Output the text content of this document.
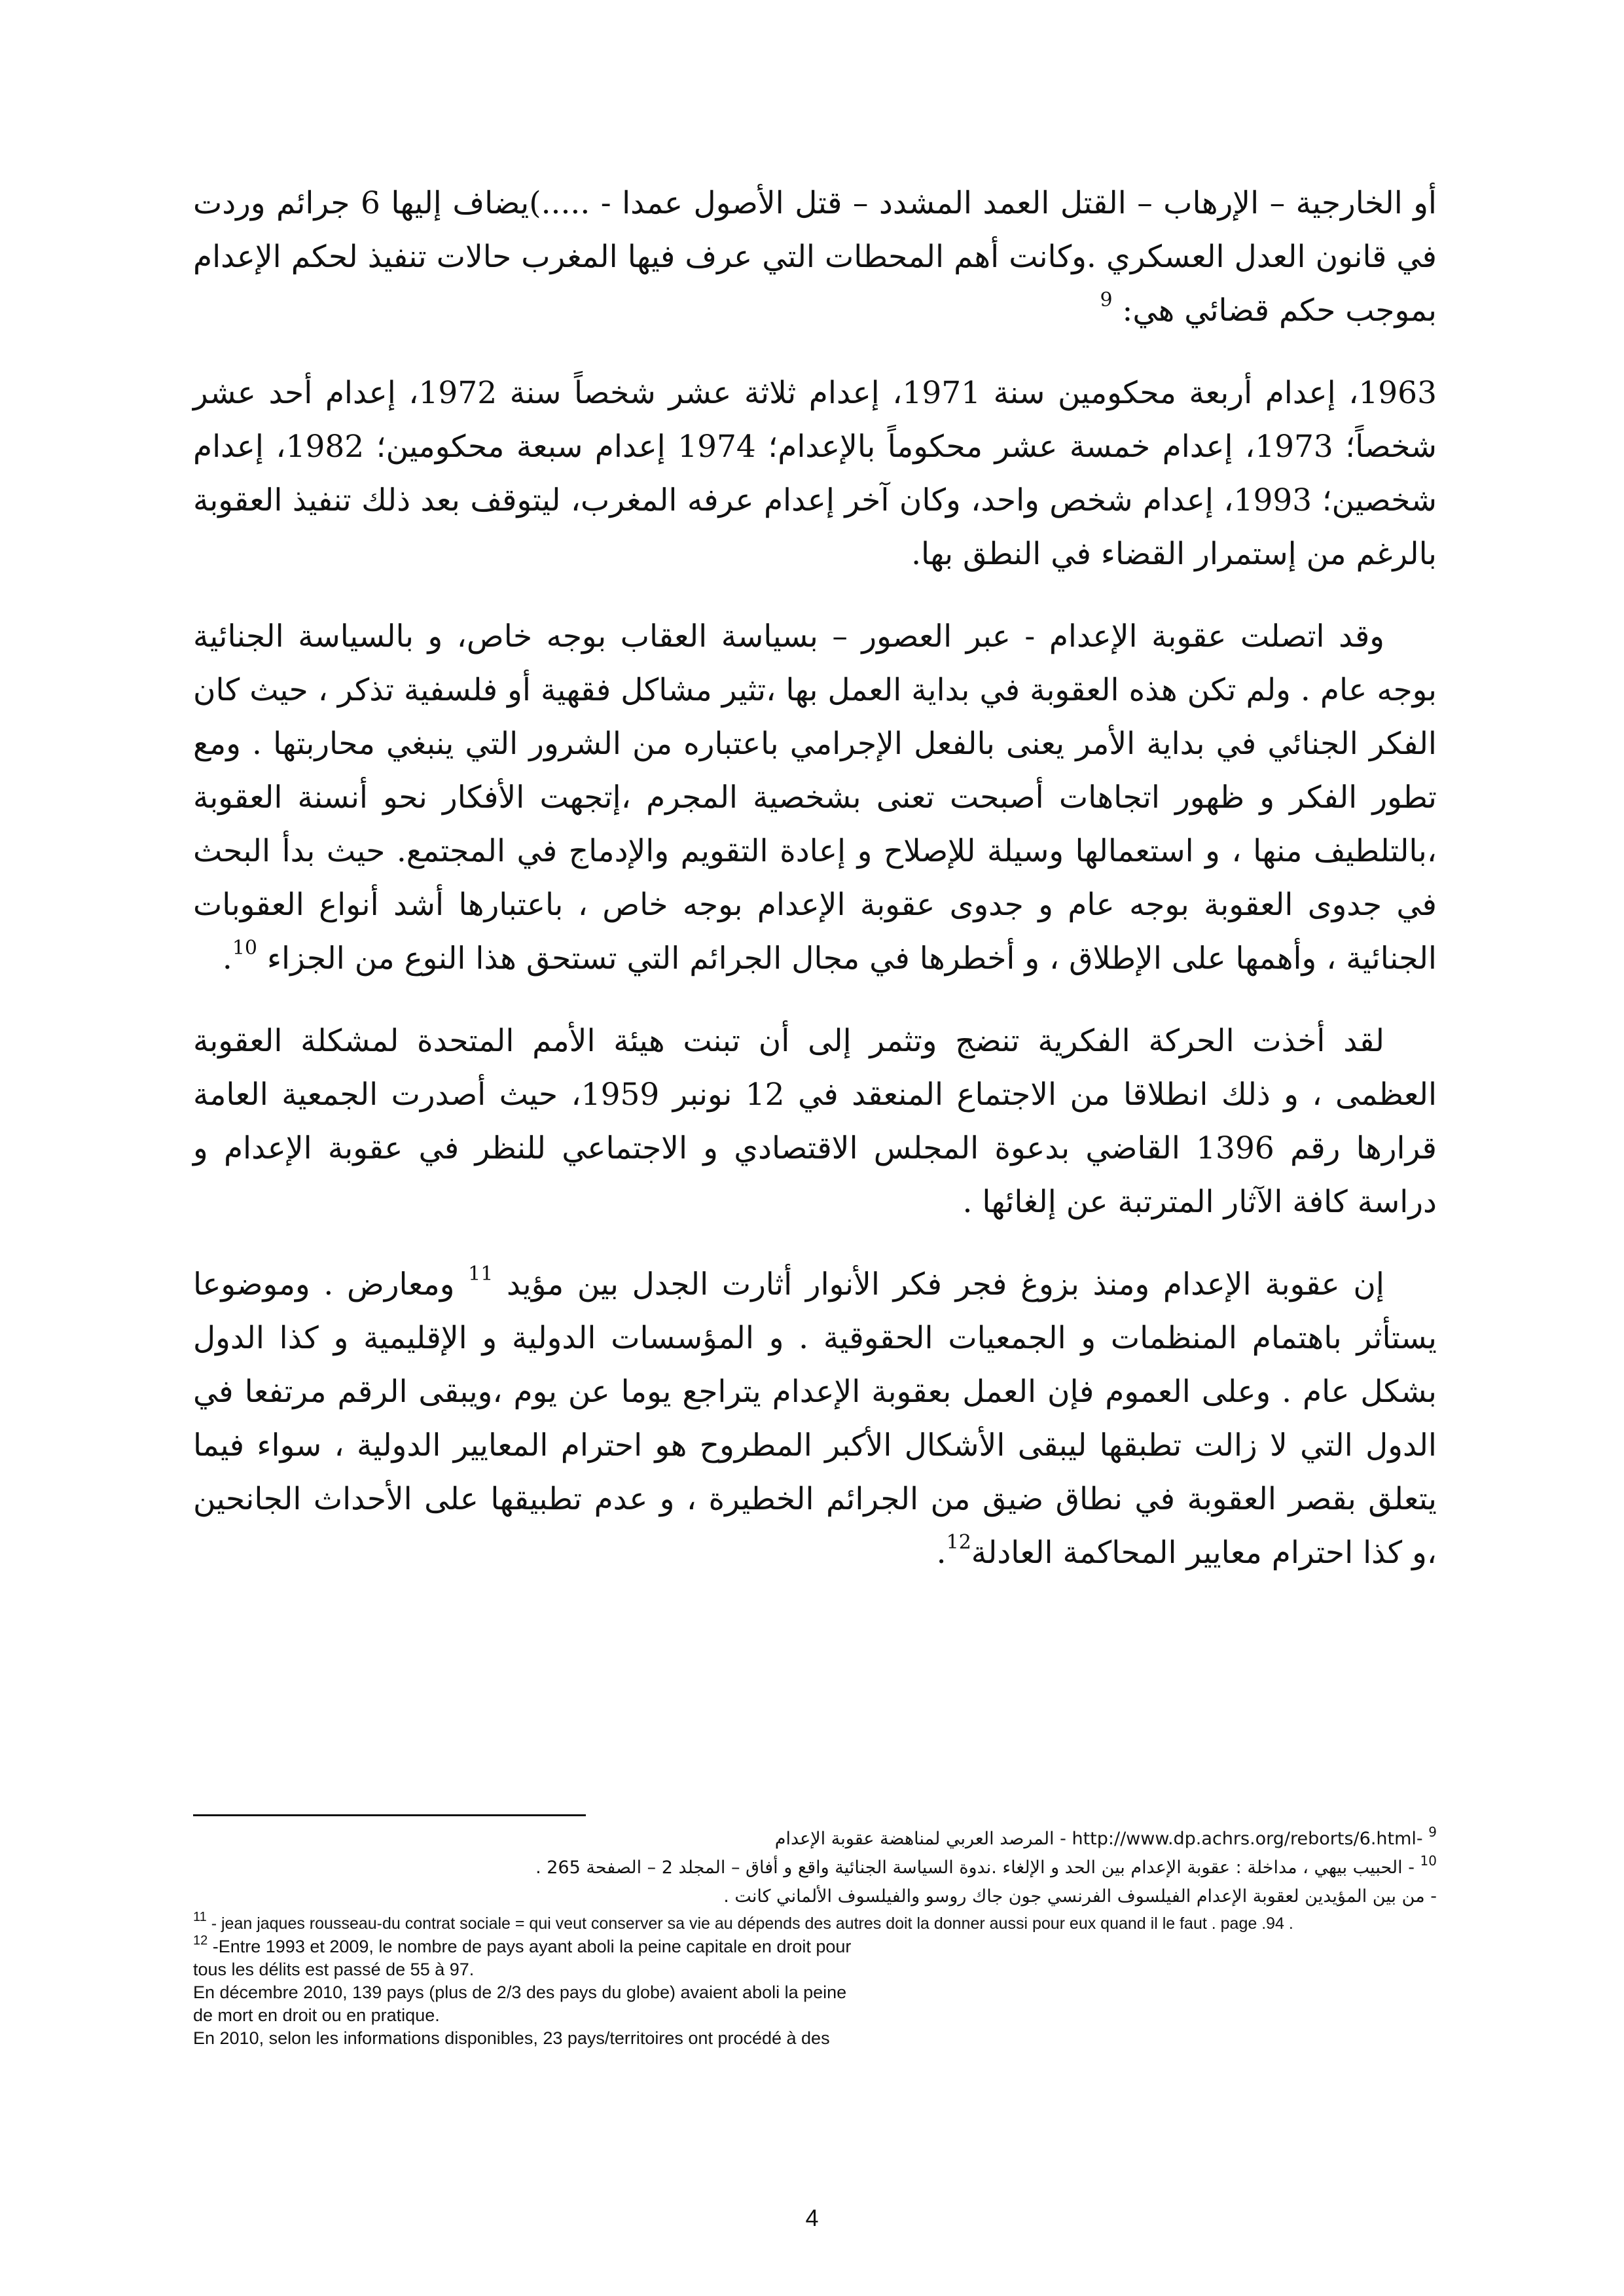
أو الخارجية – الإرهاب – القتل العمد المشدد – قتل الأصول عمدا - .....)يضاف إليها 6 جرائم وردت في قانون العدل العسكري .وكانت أهم المحطات التي عرف فيها المغرب حالات تنفيذ لحكم الإعدام بموجب حكم قضائي هي: $^9$

1963، إعدام أربعة محكومين سنة 1971، إعدام ثلاثة عشر شخصاً سنة 1972، إعدام أحد عشر شخصاً؛ 1973، إعدام خمسة عشر محكوماً بالإعدام؛ 1974 إعدام سبعة محكومين؛ 1982، إعدام شخصين؛ 1993، إعدام شخص واحد، وكان آخر إعدام عرفه المغرب، ليتوقف بعد ذلك تنفيذ العقوبة بالرغم من إستمرار القضاء في النطق بها.

وقد اتصلت عقوبة الإعدام - عبر العصور – بسياسة العقاب بوجه خاص، و بالسياسة الجنائية بوجه عام . ولم تكن هذه العقوبة في بداية العمل بها ،تثير مشاكل فقهية أو فلسفية تذكر ، حيث كان الفكر الجنائي في بداية الأمر يعنى بالفعل الإجرامي باعتباره من الشرور التي ينبغي محاربتها . ومع تطور الفكر و ظهور اتجاهات أصبحت تعنى بشخصية المجرم ،إتجهت الأفكار نحو أنسنة العقوبة ،بالتلطيف منها ، و استعمالها وسيلة للإصلاح و إعادة التقويم والإدماج في المجتمع. حيث بدأ البحث في جدوى العقوبة بوجه عام و جدوى عقوبة الإعدام بوجه خاص ، باعتبارها أشد أنواع العقوبات الجنائية ، وأهمها على الإطلاق ، و أخطرها في مجال الجرائم التي تستحق هذا النوع من الجزاء $^{10}$.

لقد أخذت الحركة الفكرية تنضج وتثمر إلى أن تبنت هيئة الأمم المتحدة لمشكلة العقوبة العظمى ، و ذلك انطلاقا من الاجتماع المنعقد في 12 نونبر 1959، حيث أصدرت الجمعية العامة قرارها رقم 1396 القاضي بدعوة المجلس الاقتصادي و الاجتماعي للنظر في عقوبة الإعدام و دراسة كافة الآثار المترتبة عن إلغائها .

إن عقوبة الإعدام ومنذ بزوغ فجر فكر الأنوار أثارت الجدل بين مؤيد $^{11}$ ومعارض . وموضوعا يستأثر باهتمام المنظمات و الجمعيات الحقوقية . و المؤسسات الدولية و الإقليمية و كذا الدول بشكل عام . وعلى العموم فإن العمل بعقوبة الإعدام يتراجع يوما عن يوم ،ويبقى الرقم مرتفعا في الدول التي لا زالت تطبقها ليبقى الأشكال الأكبر المطروح هو احترام المعايير الدولية ، سواء فيما يتعلق بقصر العقوبة في نطاق ضيق من الجرائم الخطيرة ، و عدم تطبيقها على الأحداث الجانحين ،و كذا احترام معايير المحاكمة العادلة$^{12}$.

$^9$ -http://www.dp.achrs.org/reborts/6.html - المرصد العربي لمناهضة عقوبة الإعدام

$^{10}$ - الحبيب بيهي ، مداخلة : عقوبة الإعدام بين الحد و الإلغاء .ندوة السياسة الجنائية واقع و أفاق – المجلد 2 – الصفحة 265 .

- من بين المؤيدين لعقوبة الإعدام الفيلسوف الفرنسي جون جاك روسو والفيلسوف الألماني كانت .

$^{11}$ - jean jaques rousseau-du contrat sociale = qui veut conserver sa vie au dépends des autres doit la donner aussi pour eux quand il le faut . page .94 .

$^{12}$ -Entre 1993 et 2009, le nombre de pays ayant aboli la peine capitale en droit pour

tous les délits est passé de 55 à 97.

En décembre 2010, 139 pays (plus de 2/3 des pays du globe) avaient aboli la peine

de mort en droit ou en pratique.

En 2010, selon les informations disponibles, 23 pays/territoires ont procédé à des

4
